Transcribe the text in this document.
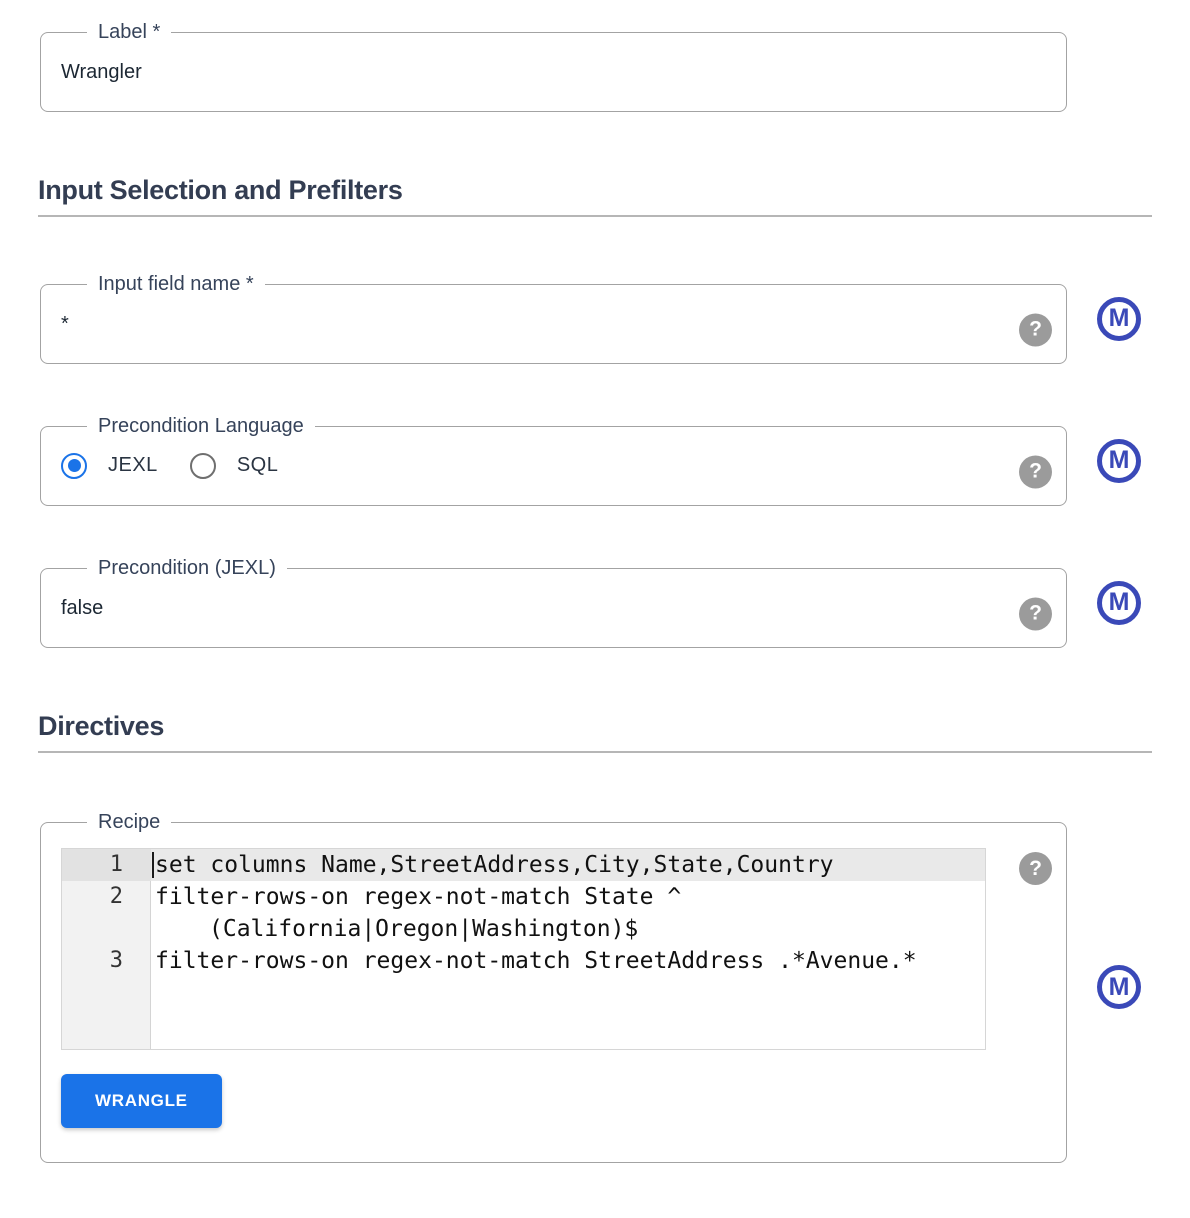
Label *
Wrangler
Input Selection and Prefilters
Input field name *
*	?	M
Precondition Language
JEXL	SQL	?	M
Precondition (JEXL)
false	?	M
Directives
Recipe
1	set columns Name,StreetAddress,City,State,Country
2	filter-rows-on regex-not-match State ^
(California|Oregon|Washington)$
3	filter-rows-on regex-not-match StreetAddress .*Avenue.*
WRANGLE
?
M
